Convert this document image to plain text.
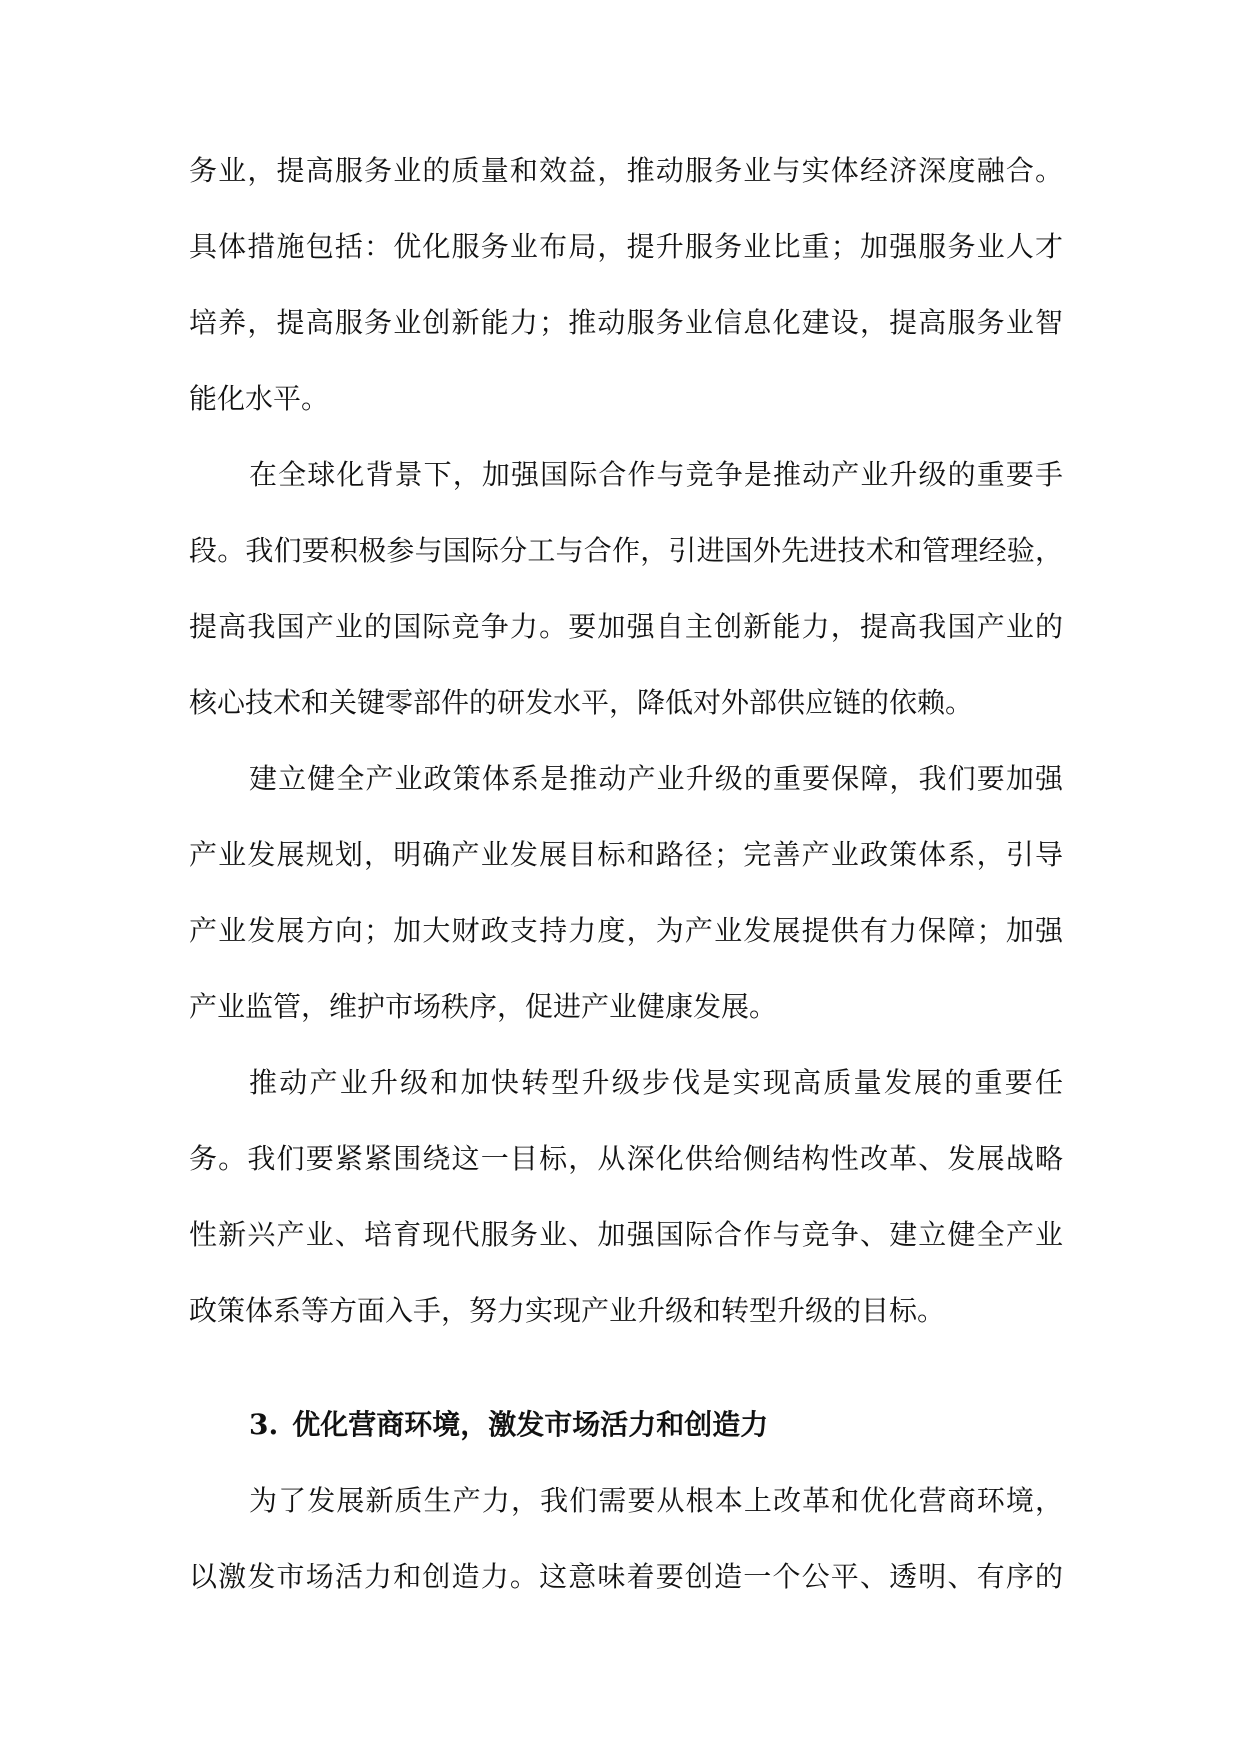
务业，提高服务业的质量和效益，推动服务业与实体经济深度融合。
具体措施包括：优化服务业布局，提升服务业比重；加强服务业人才
培养，提高服务业创新能力；推动服务业信息化建设，提高服务业智
能化水平。
在全球化背景下，加强国际合作与竞争是推动产业升级的重要手
段。我们要积极参与国际分工与合作，引进国外先进技术和管理经验，
提高我国产业的国际竞争力。要加强自主创新能力，提高我国产业的
核心技术和关键零部件的研发水平，降低对外部供应链的依赖。
建立健全产业政策体系是推动产业升级的重要保障，我们要加强
产业发展规划，明确产业发展目标和路径；完善产业政策体系，引导
产业发展方向；加大财政支持力度，为产业发展提供有力保障；加强
产业监管，维护市场秩序，促进产业健康发展。
推动产业升级和加快转型升级步伐是实现高质量发展的重要任
务。我们要紧紧围绕这一目标，从深化供给侧结构性改革、发展战略
性新兴产业、培育现代服务业、加强国际合作与竞争、建立健全产业
政策体系等方面入手，努力实现产业升级和转型升级的目标。
3. 优化营商环境，激发市场活力和创造力
为了发展新质生产力，我们需要从根本上改革和优化营商环境，
以激发市场活力和创造力。这意味着要创造一个公平、透明、有序的
